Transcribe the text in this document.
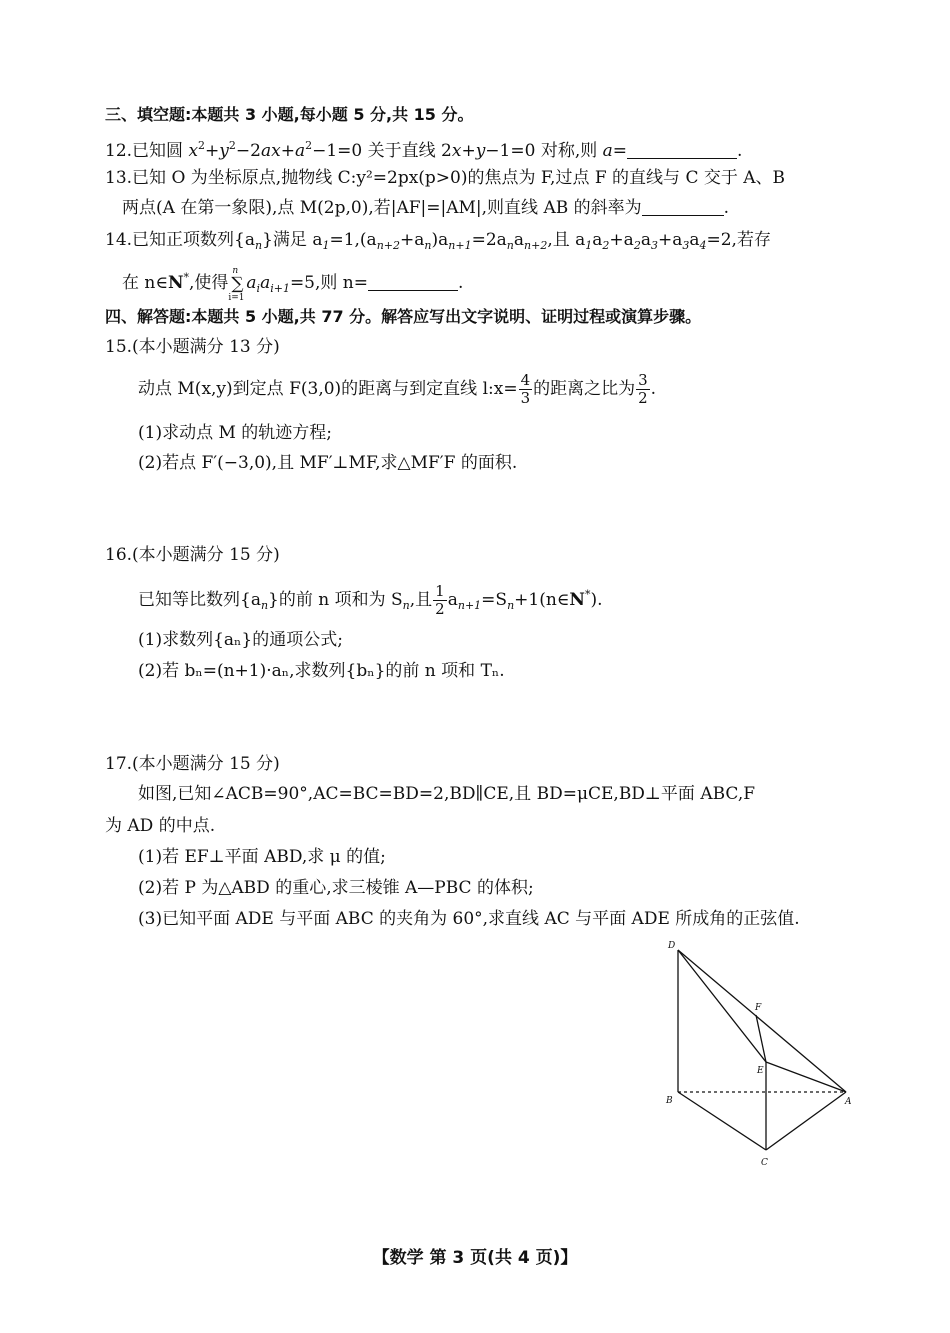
三、填空题:本题共 3 小题,每小题 5 分,共 15 分。
12.已知圆 $x^2+y^2-2ax+a^2-1=0$ 关于直线 2x+y−1=0 对称,则 a=	.
13.已知 O 为坐标原点,抛物线 C:y²=2px(p>0)的焦点为 F,过点 F 的直线与 C 交于 A、B
两点(A 在第一象限),点 M(2p,0),若|AF|=|AM|,则直线 AB 的斜率为	.
14.已知正项数列$\{a_n\}$满足 $a_1=1,(a_{n+2}+a_n)a_{n+1}=2a_na_{n+2}$,且 $a_1a_2+a_2a_3+a_3a_4=2$,若存
在 n∈N*,使得 ∑
n
i=1
$a_ia_{i+1}=5$,则 n=	.
四、解答题:本题共 5 小题,共 77 分。解答应写出文字说明、证明过程或演算步骤。
15.(本小题满分 13 分)
动点 M(x,y)到定点 F(3,0)的距离与到定直线 l:x= $\frac{4}{3}$ 的距离之比为 $\frac{3}{2}$ .
(1)求动点 M 的轨迹方程;
(2)若点 F′(−3,0),且 MF′⊥MF,求△MF′F 的面积.
16.(本小题满分 15 分)
已知等比数列$\{a_n\}$的前 n 项和为 $S_n$,且 $\frac{1}{2}$ $a_{n+1}=S_n+1(n\in N^*)$.
(1)求数列{aₙ}的通项公式;
(2)若 bₙ=(n+1)·aₙ,求数列{bₙ}的前 n 项和 Tₙ.
17.(本小题满分 15 分)
如图,已知∠ACB=90°,AC=BC=BD=2,BD∥CE,且 BD=μCE,BD⊥平面 ABC,F
为 AD 的中点.
(1)若 EF⊥平面 ABD,求 μ 的值;
(2)若 P 为△ABD 的重心,求三棱锥 A—PBC 的体积;
(3)已知平面 ADE 与平面 ABC 的夹角为 60°,求直线 AC 与平面 ADE 所成角的正弦值.
D
F
E
B	A
C
【数学 第 3 页(共 4 页)】
